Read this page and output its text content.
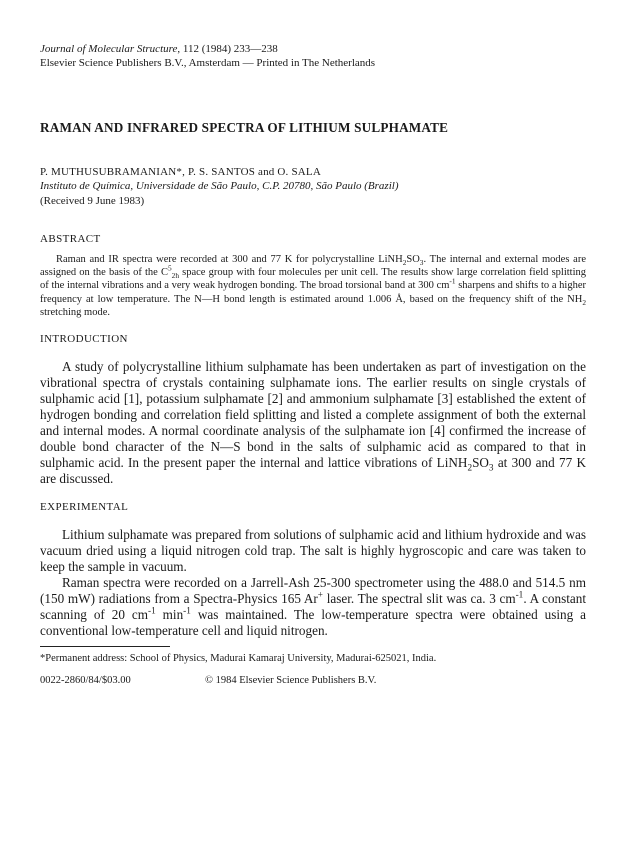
Journal of Molecular Structure, 112 (1984) 233—238
Elsevier Science Publishers B.V., Amsterdam — Printed in The Netherlands
RAMAN AND INFRARED SPECTRA OF LITHIUM SULPHAMATE
P. MUTHUSUBRAMANIAN*, P. S. SANTOS and O. SALA
Instituto de Química, Universidade de São Paulo, C.P. 20780, São Paulo (Brazil)
(Received 9 June 1983)
ABSTRACT

Raman and IR spectra were recorded at 300 and 77 K for polycrystalline $LiNH_2SO_3$. The internal and external modes are assigned on the basis of the $C^5_{2h}$ space group with four molecules per unit cell. The results show large correlation field splitting of the internal vibrations and a very weak hydrogen bonding. The broad torsional band at 300 $cm^{-1}$ sharpens and shifts to a higher frequency at low temperature. The N—H bond length is estimated around 1.006 Å, based on the frequency shift of the $NH_2$ stretching mode.

INTRODUCTION

A study of polycrystalline lithium sulphamate has been undertaken as part of investigation on the vibrational spectra of crystals containing sulphamate ions. The earlier results on single crystals of sulphamic acid [1], potassium sulphamate [2] and ammonium sulphamate [3] established the extent of hydrogen bonding and correlation field splitting and listed a complete assignment of both the external and internal modes. A normal coordinate analysis of the sulphamate ion [4] confirmed the increase of double bond character of the N—S bond in the salts of sulphamic acid as compared to that in sulphamic acid. In the present paper the internal and lattice vibrations of $LiNH_2SO_3$ at 300 and 77 K are discussed.

EXPERIMENTAL

Lithium sulphamate was prepared from solutions of sulphamic acid and lithium hydroxide and was vacuum dried using a liquid nitrogen cold trap. The salt is highly hygroscopic and care was taken to keep the sample in vacuum.

Raman spectra were recorded on a Jarrell-Ash 25-300 spectrometer using the 488.0 and 514.5 nm (150 mW) radiations from a Spectra-Physics 165 Ar+ laser. The spectral slit was ca. 3 $cm^{-1}$. A constant scanning of 20 $cm^{-1}$ $\min^{-1}$ was maintained. The low-temperature spectra were obtained using a conventional low-temperature cell and liquid nitrogen.

*Permanent address: School of Physics, Madurai Kamaraj University, Madurai-625021, India.
0022-2860/84/$03.00	© 1984 Elsevier Science Publishers B.V.
